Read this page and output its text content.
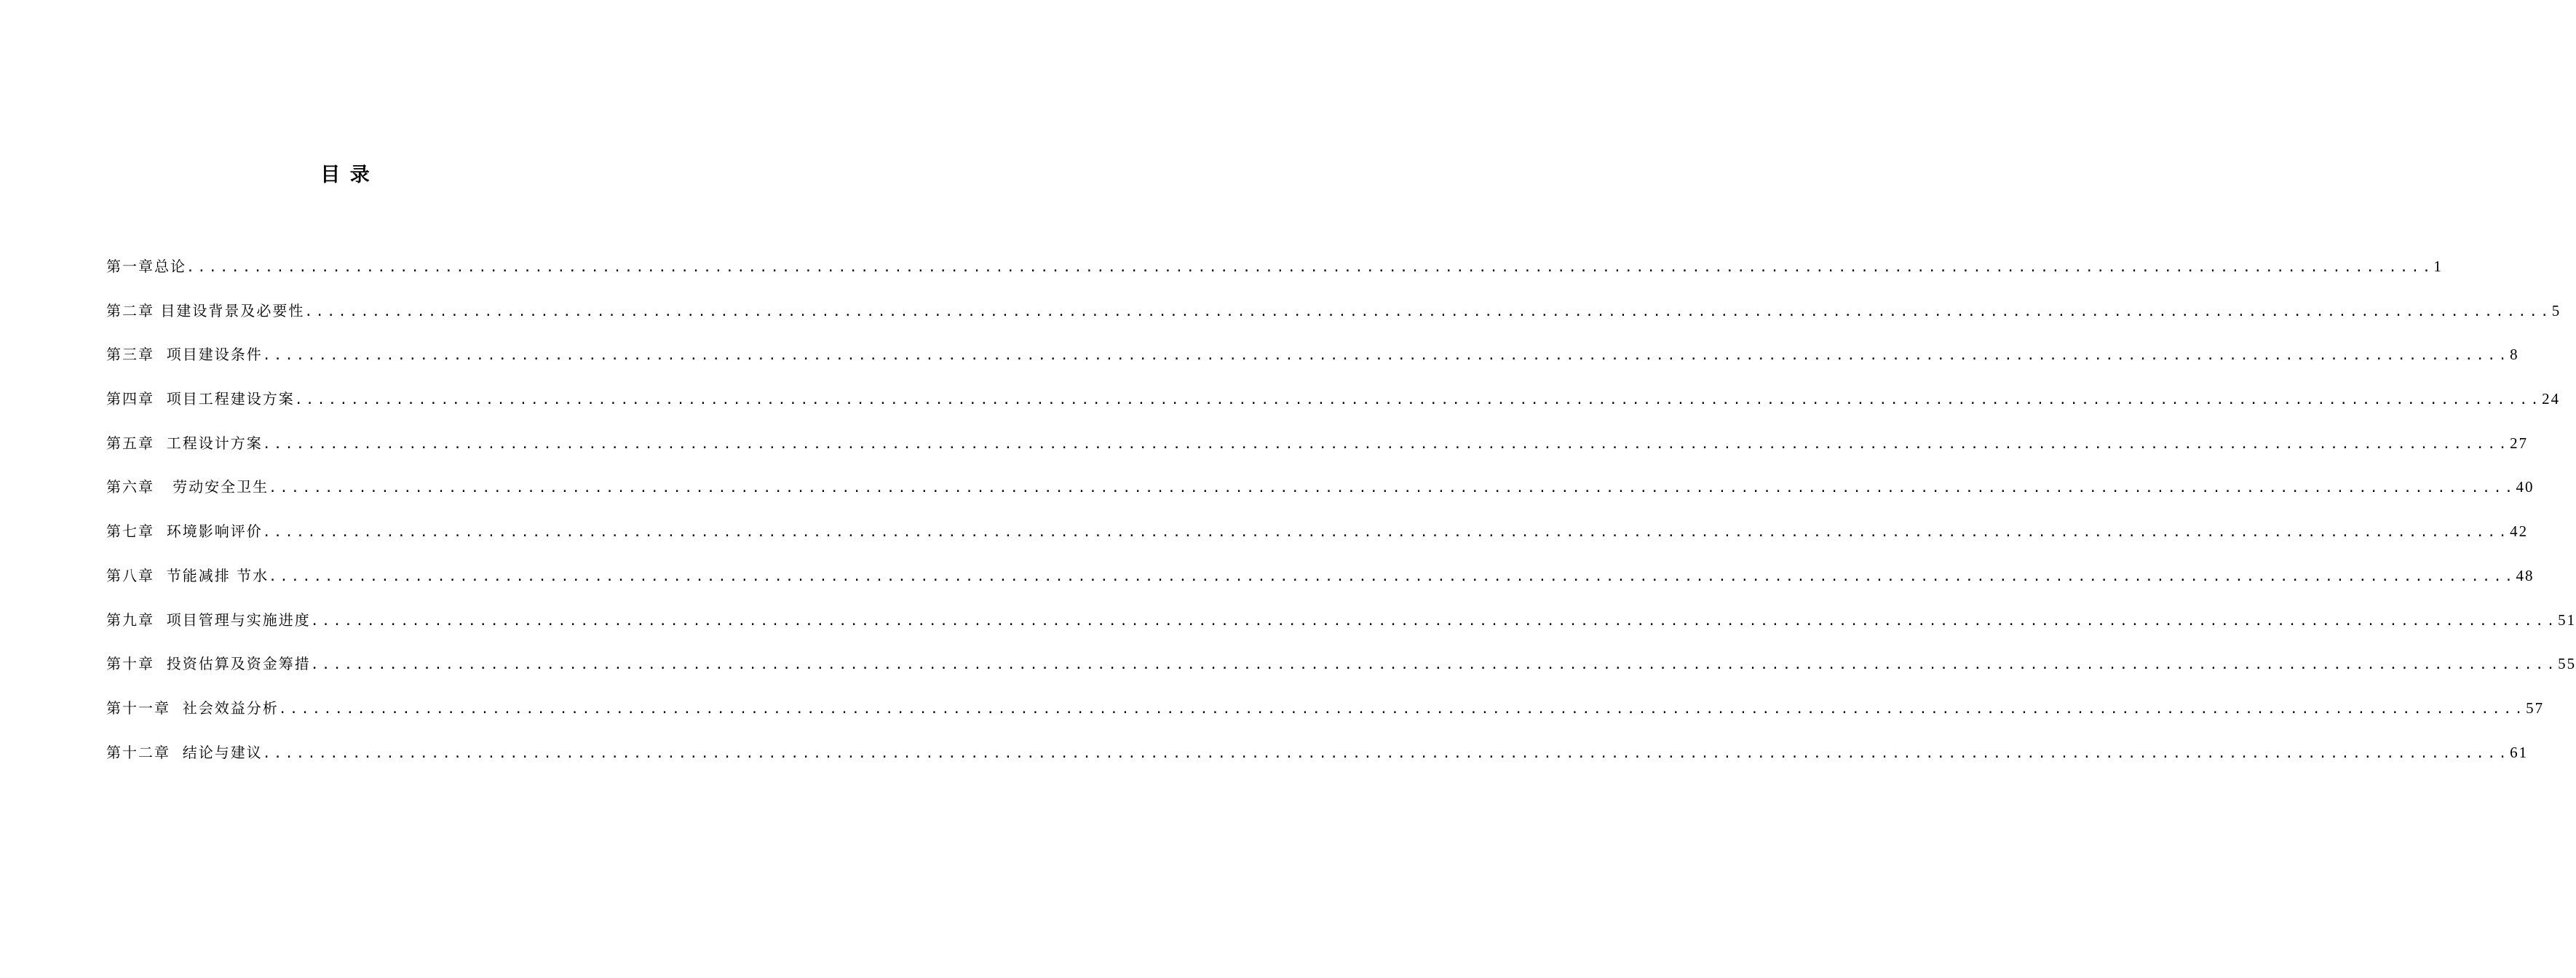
目 录
第一章总论 ........................................................................................................................................................................................................ 1
第二章 目建设背景及必要性 ........................................................................................................................................................................................................ 5
第三章  项目建设条件 ........................................................................................................................................................................................................ 8
第四章  项目工程建设方案 ........................................................................................................................................................................................................ 24
第五章  工程设计方案 ........................................................................................................................................................................................................ 27
第六章   劳动安全卫生 ........................................................................................................................................................................................................ 40
第七章  环境影响评价 ........................................................................................................................................................................................................ 42
第八章  节能减排 节水 ........................................................................................................................................................................................................ 48
第九章  项目管理与实施进度 ........................................................................................................................................................................................................ 51
第十章  投资估算及资金筹措 ........................................................................................................................................................................................................ 55
第十一章  社会效益分析 ........................................................................................................................................................................................................ 57
第十二章  结论与建议 ........................................................................................................................................................................................................ 61
